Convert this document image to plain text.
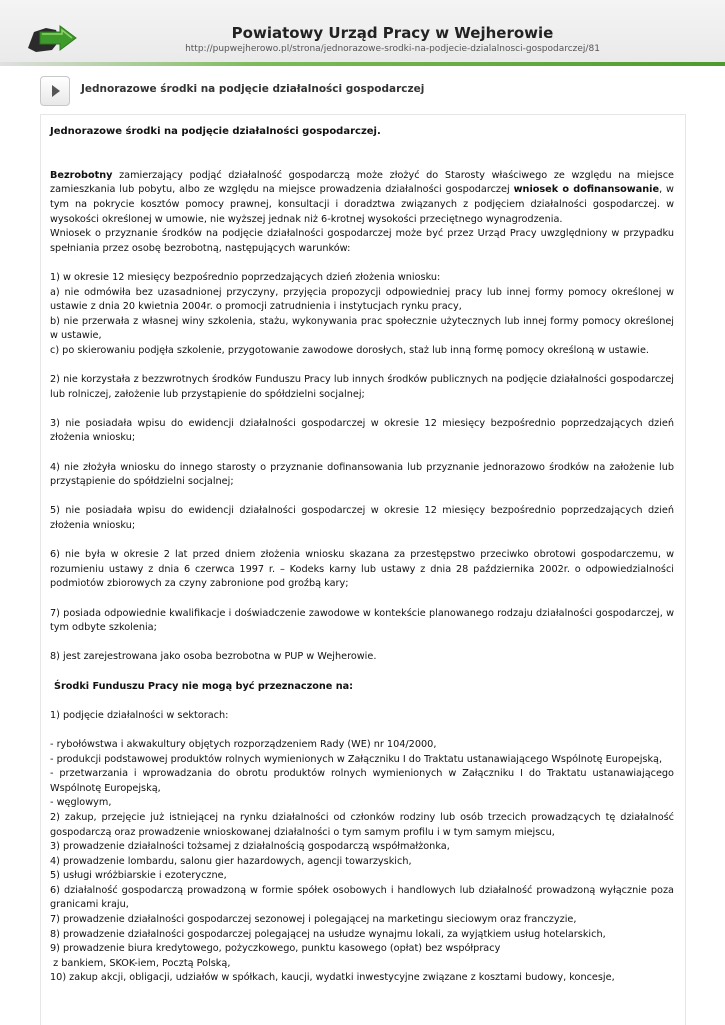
Powiatowy Urząd Pracy w Wejherowie
http://pupwejherowo.pl/strona/jednorazowe-srodki-na-podjecie-dzialalnosci-gospodarczej/81
Jednorazowe środki na podjęcie działalności gospodarczej

Jednorazowe środki na podjęcie działalności gospodarczej.

Bezrobotny zamierzający podjąć działalność gospodarczą może złożyć do Starosty właściwego ze względu na miejsce zamieszkania lub pobytu, albo ze względu na miejsce prowadzenia działalności gospodarczej wniosek o dofinansowanie, w tym na pokrycie kosztów pomocy prawnej, konsultacji i doradztwa związanych z podjęciem działalności gospodarczej. w wysokości określonej w umowie, nie wyższej jednak niż 6-krotnej wysokości przeciętnego wynagrodzenia.

Wniosek o przyznanie środków na podjęcie działalności gospodarczej może być przez Urząd Pracy uwzględniony w przypadku spełniania przez osobę bezrobotną, następujących warunków:

1) w okresie 12 miesięcy bezpośrednio poprzedzających dzień złożenia wniosku:

a) nie odmówiła bez uzasadnionej przyczyny, przyjęcia propozycji odpowiedniej pracy lub innej formy pomocy określonej w ustawie z dnia 20 kwietnia 2004r. o promocji zatrudnienia i instytucjach rynku pracy,

b) nie przerwała z własnej winy szkolenia, stażu, wykonywania prac społecznie użytecznych lub innej formy pomocy określonej w ustawie,

c) po skierowaniu podjęła szkolenie, przygotowanie zawodowe dorosłych, staż lub inną formę pomocy określoną w ustawie.

2) nie korzystała z bezzwrotnych środków Funduszu Pracy lub innych środków publicznych na podjęcie działalności gospodarczej lub rolniczej, założenie lub przystąpienie do spółdzielni socjalnej;

3) nie posiadała wpisu do ewidencji działalności gospodarczej w okresie 12 miesięcy bezpośrednio poprzedzających dzień złożenia wniosku;

4) nie złożyła wniosku do innego starosty o przyznanie dofinansowania lub przyznanie jednorazowo środków na założenie lub przystąpienie do spółdzielni socjalnej;

5) nie posiadała wpisu do ewidencji działalności gospodarczej w okresie 12 miesięcy bezpośrednio poprzedzających dzień złożenia wniosku;

6) nie była w okresie 2 lat przed dniem złożenia wniosku skazana za przestępstwo przeciwko obrotowi gospodarczemu, w rozumieniu ustawy z dnia 6 czerwca 1997 r. – Kodeks karny lub ustawy z dnia 28 października 2002r. o odpowiedzialności podmiotów zbiorowych za czyny zabronione pod groźbą kary;

7) posiada odpowiednie kwalifikacje i doświadczenie zawodowe w kontekście planowanego rodzaju działalności gospodarczej, w tym odbyte szkolenia;

8) jest zarejestrowana jako osoba bezrobotna w PUP w Wejherowie.

Środki Funduszu Pracy nie mogą być przeznaczone na:

1) podjęcie działalności w sektorach:

- rybołówstwa i akwakultury objętych rozporządzeniem Rady (WE) nr 104/2000,

- produkcji podstawowej produktów rolnych wymienionych w Załączniku I do Traktatu ustanawiającego Wspólnotę Europejską,

- przetwarzania i wprowadzania do obrotu produktów rolnych wymienionych w Załączniku I do Traktatu ustanawiającego Wspólnotę Europejską,

- węglowym,

2) zakup, przejęcie już istniejącej na rynku działalności od członków rodziny lub osób trzecich prowadzących tę działalność gospodarczą oraz prowadzenie wnioskowanej działalności o tym samym profilu i w tym samym miejscu,

3) prowadzenie działalności tożsamej z działalnością gospodarczą współmałżonka,

4) prowadzenie lombardu, salonu gier hazardowych, agencji towarzyskich,

5) usługi wróżbiarskie i ezoteryczne,

6) działalność gospodarczą prowadzoną w formie spółek osobowych i handlowych lub działalność prowadzoną wyłącznie poza granicami kraju,

7) prowadzenie działalności gospodarczej sezonowej i polegającej na marketingu sieciowym oraz franczyzie,

8) prowadzenie działalności gospodarczej polegającej na usłudze wynajmu lokali, za wyjątkiem usług hotelarskich,

9) prowadzenie biura kredytowego, pożyczkowego, punktu kasowego (opłat) bez współpracy

z bankiem, SKOK-iem, Pocztą Polską,

10) zakup akcji, obligacji, udziałów w spółkach, kaucji, wydatki inwestycyjne związane z kosztami budowy, koncesje,
